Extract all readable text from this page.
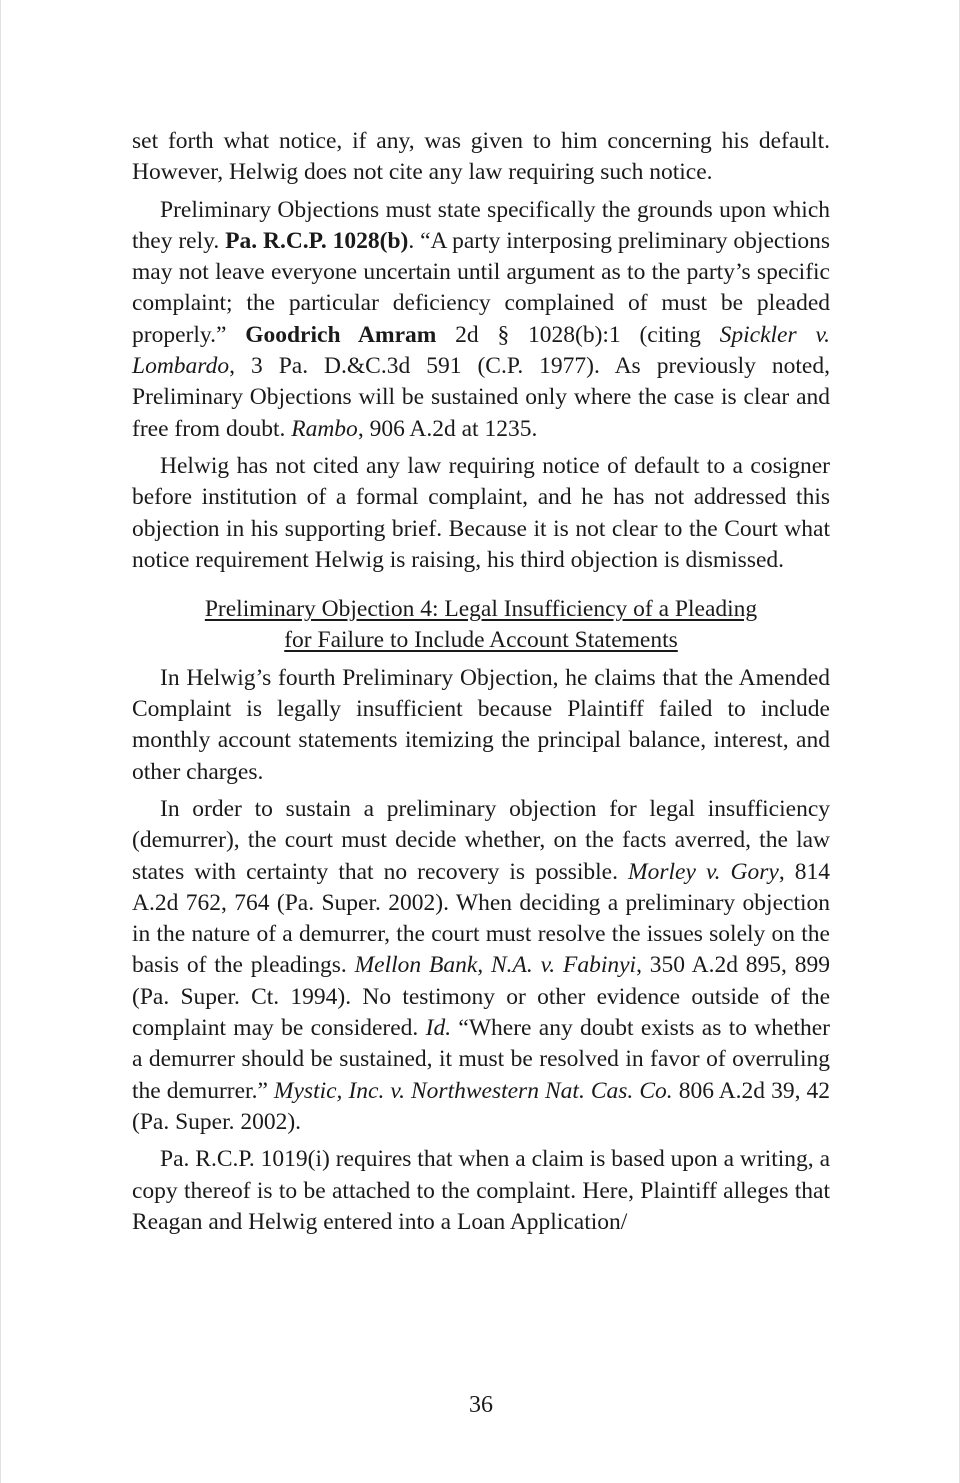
set forth what notice, if any, was given to him concerning his default. However, Helwig does not cite any law requiring such notice.

Preliminary Objections must state specifically the grounds upon which they rely. Pa. R.C.P. 1028(b). “A party interposing preliminary objections may not leave everyone uncertain until argument as to the party’s specific complaint; the particular deficiency complained of must be pleaded properly.” Goodrich Amram 2d § 1028(b):1 (citing Spickler v. Lombardo, 3 Pa. D.&C.3d 591 (C.P. 1977). As previously noted, Preliminary Objections will be sustained only where the case is clear and free from doubt. Rambo, 906 A.2d at 1235.

Helwig has not cited any law requiring notice of default to a cosigner before institution of a formal complaint, and he has not addressed this objection in his supporting brief. Because it is not clear to the Court what notice requirement Helwig is raising, his third objection is dismissed.

Preliminary Objection 4: Legal Insufficiency of a Pleading
for Failure to Include Account Statements

In Helwig’s fourth Preliminary Objection, he claims that the Amended Complaint is legally insufficient because Plaintiff failed to include monthly account statements itemizing the principal balance, interest, and other charges.

In order to sustain a preliminary objection for legal insufficiency (demurrer), the court must decide whether, on the facts averred, the law states with certainty that no recovery is possible. Morley v. Gory, 814 A.2d 762, 764 (Pa. Super. 2002). When deciding a preliminary objection in the nature of a demurrer, the court must resolve the issues solely on the basis of the pleadings. Mellon Bank, N.A. v. Fabinyi, 350 A.2d 895, 899 (Pa. Super. Ct. 1994). No testimony or other evidence outside of the complaint may be considered. Id. “Where any doubt exists as to whether a demurrer should be sustained, it must be resolved in favor of overruling the demurrer.” Mystic, Inc. v. Northwestern Nat. Cas. Co. 806 A.2d 39, 42 (Pa. Super. 2002).

Pa. R.C.P. 1019(i) requires that when a claim is based upon a writing, a copy thereof is to be attached to the complaint. Here, Plaintiff alleges that Reagan and Helwig entered into a Loan Application/

36
